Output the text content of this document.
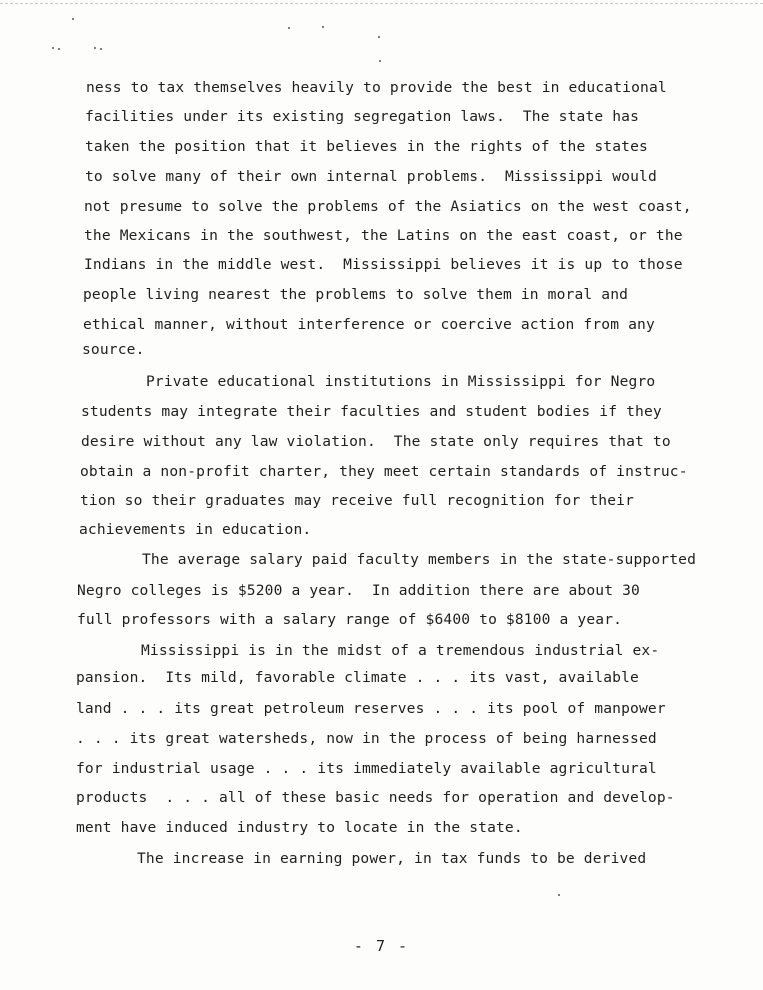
ness to tax themselves heavily to provide the best in educational
facilities under its existing segregation laws.  The state has
taken the position that it believes in the rights of the states
to solve many of their own internal problems.  Mississippi would
not presume to solve the problems of the Asiatics on the west coast,
the Mexicans in the southwest, the Latins on the east coast, or the
Indians in the middle west.  Mississippi believes it is up to those
people living nearest the problems to solve them in moral and
ethical manner, without interference or coercive action from any
source.
Private educational institutions in Mississippi for Negro
students may integrate their faculties and student bodies if they
desire without any law violation.  The state only requires that to
obtain a non-profit charter, they meet certain standards of instruc-
tion so their graduates may receive full recognition for their
achievements in education.
The average salary paid faculty members in the state-supported
Negro colleges is $5200 a year.  In addition there are about 30
full professors with a salary range of $6400 to $8100 a year.
Mississippi is in the midst of a tremendous industrial ex-
pansion.  Its mild, favorable climate . . . its vast, available
land . . . its great petroleum reserves . . . its pool of manpower
. . . its great watersheds, now in the process of being harnessed
for industrial usage . . . its immediately available agricultural
products  . . . all of these basic needs for operation and develop-
ment have induced industry to locate in the state.
The increase in earning power, in tax funds to be derived
- 7 -
